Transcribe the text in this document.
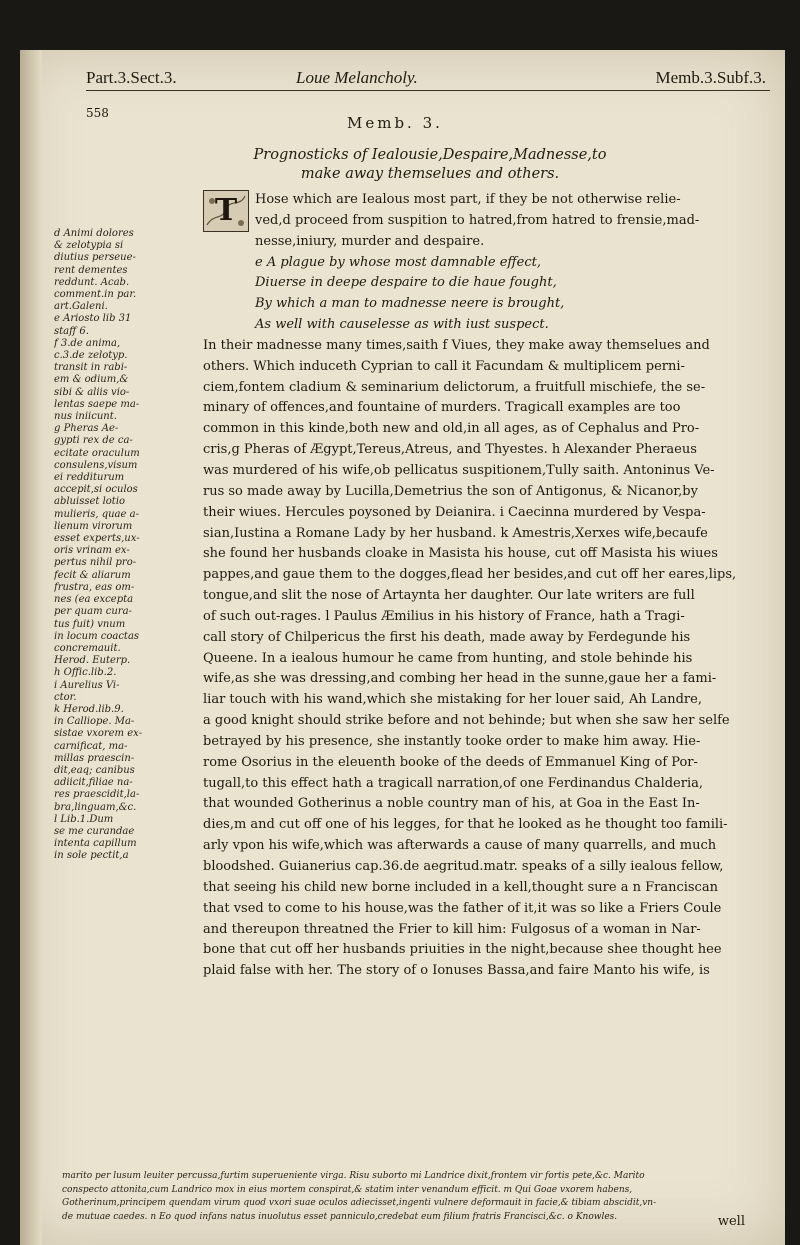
Part.3.Sect.3.	Loue Melancholy.	Memb.3.Subf.3.
558
Memb. 3.
Prognosticks of Iealousie,Despaire,Madnesse,to
make away themselues and others.
T
d Animi dolores
& zelotypia si
diutius perseue-
rent dementes
reddunt. Acab.
comment.in par.
art.Galeni.
e Ariosto lib 31
staff 6.
f 3.de anima,
c.3.de zelotyp.
transit in rabi-
em & odium,&
sibi & aliis vio-
lentas saepe ma-
nus iniicunt.
g Pheras Ae-
gypti rex de ca-
ecitate oraculum
consulens,visum
ei redditurum
accepit,si oculos
abluisset lotio
mulieris, quae a-
lienum virorum
esset experts,ux-
oris vrinam ex-
pertus nihil pro-
fecit & aliarum
frustra, eas om-
nes (ea excepta
per quam cura-
tus fuit) vnum
in locum coactas
concremauit.
Herod. Euterp.
h Offic.lib.2.
i Aurelius Vi-
ctor.
k Herod.lib.9.
in Calliope. Ma-
sistae vxorem ex-
carnificat, ma-
millas praescin-
dit,eaq; canibus
adiicit,filiae na-
res praescidit,la-
bra,linguam,&c.
l Lib.1.Dum
se me curandae
intenta capillum
in sole pectit,a
Hose which are Iealous most part, if they be not otherwise relie-
ved,d proceed from suspition to hatred,from hatred to frensie,mad-
nesse,iniury, murder and despaire.
e A plague by whose most damnable effect,
Diuerse in deepe despaire to die haue fought,
By which a man to madnesse neere is brought,
As well with causelesse as with iust suspect.
In their madnesse many times,saith f Viues, they make away themselues and
others. Which induceth Cyprian to call it Facundam & multiplicem perni-
ciem,fontem cladium & seminarium delictorum, a fruitfull mischiefe, the se-
minary of offences,and fountaine of murders. Tragicall examples are too
common in this kinde,both new and old,in all ages, as of Cephalus and Pro-
cris,g Pheras of Ægypt,Tereus,Atreus, and Thyestes. h Alexander Pheraeus
was murdered of his wife,ob pellicatus suspitionem,Tully saith. Antoninus Ve-
rus so made away by Lucilla,Demetrius the son of Antigonus, & Nicanor,by
their wiues. Hercules poysoned by Deianira. i Caecinna murdered by Vespa-
sian,Iustina a Romane Lady by her husband. k Amestris,Xerxes wife,becaufe
she found her husbands cloake in Masista his house, cut off Masista his wiues
pappes,and gaue them to the dogges,flead her besides,and cut off her eares,lips,
tongue,and slit the nose of Artaynta her daughter. Our late writers are full
of such out-rages. l Paulus Æmilius in his history of France, hath a Tragi-
call story of Chilpericus the first his death, made away by Ferdegunde his
Queene. In a iealous humour he came from hunting, and stole behinde his
wife,as she was dressing,and combing her head in the sunne,gaue her a fami-
liar touch with his wand,which she mistaking for her louer said, Ah Landre,
a good knight should strike before and not behinde; but when she saw her selfe
betrayed by his presence, she instantly tooke order to make him away. Hie-
rome Osorius in the eleuenth booke of the deeds of Emmanuel King of Por-
tugall,to this effect hath a tragicall narration,of one Ferdinandus Chalderia,
that wounded Gotherinus a noble country man of his, at Goa in the East In-
dies,m and cut off one of his legges, for that he looked as he thought too famili-
arly vpon his wife,which was afterwards a cause of many quarrells, and much
bloodshed. Guianerius cap.36.de aegritud.matr. speaks of a silly iealous fellow,
that seeing his child new borne included in a kell,thought sure a n Franciscan
that vsed to come to his house,was the father of it,it was so like a Friers Coule
and thereupon threatned the Frier to kill him: Fulgosus of a woman in Nar-
bone that cut off her husbands priuities in the night,because shee thought hee
plaid false with her. The story of o Ionuses Bassa,and faire Manto his wife, is
marito per lusum leuiter percussa,furtim superueniente virga. Risu subortо mi Landrice dixit,frontem vir fortis pete,&c. Marito
conspecto attonita,cum Landrico mox in eius mortem conspirat,& statim inter venandum efficit. m Qui Goae vxorem habens,
Gotherinum,principem quendam virum quod vxori suae oculos adiecisset,ingenti vulnere deformauit in facie,& tibiam abscidit,vn-
de mutuae caedes. n Eo quod infans natus inuolutus esset panniculo,credebat eum filium fratris Francisci,&c. o Knowles.	well
